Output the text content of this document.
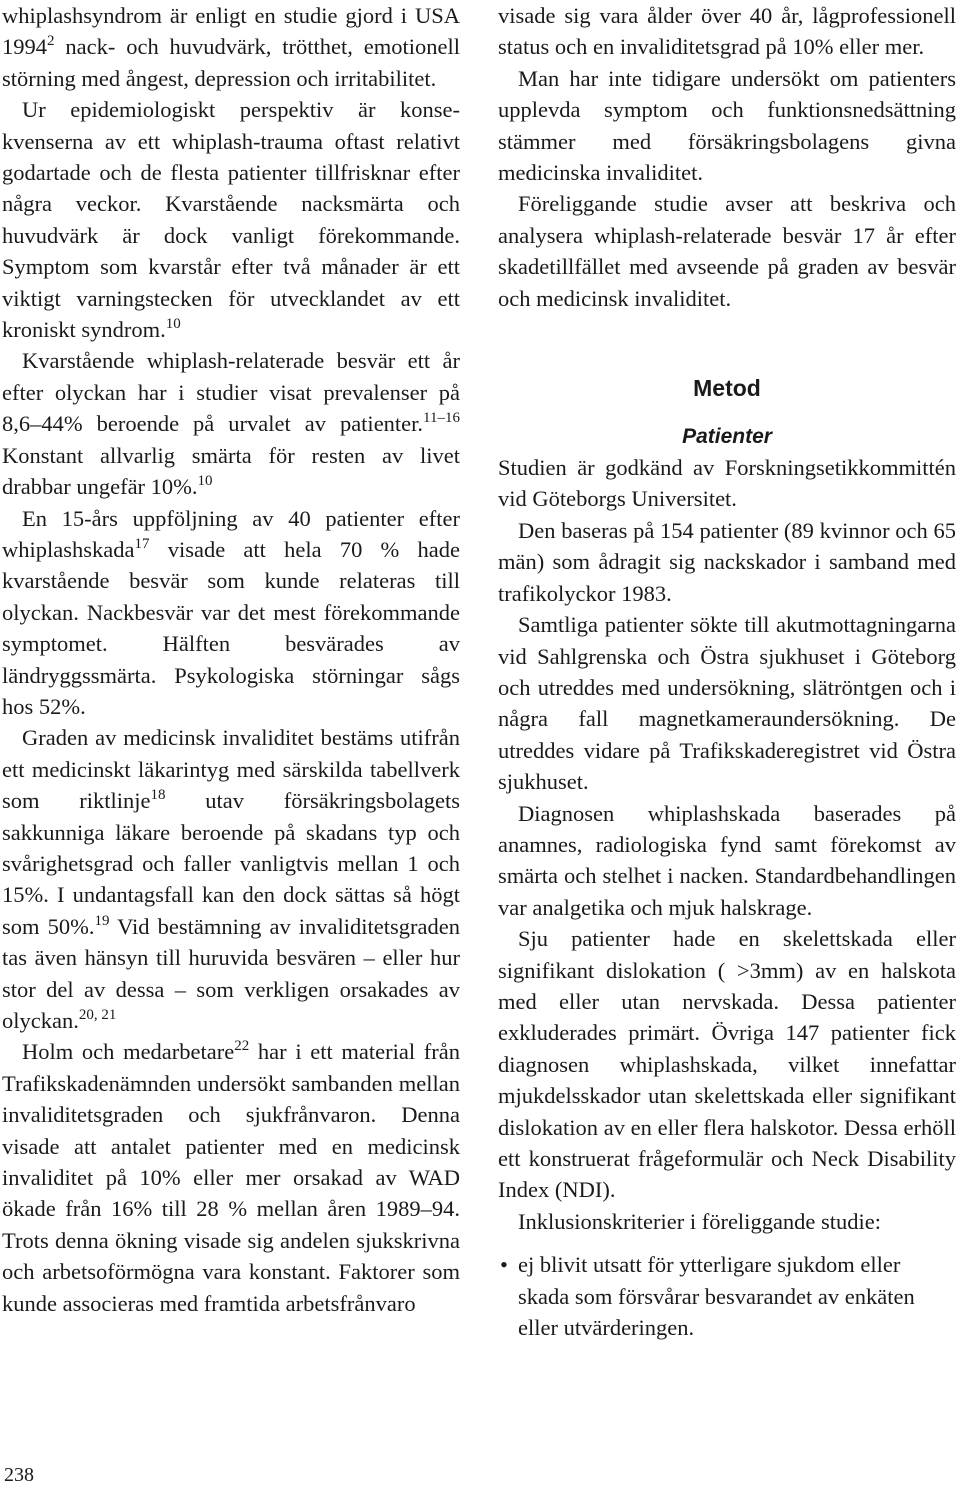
whiplashsyndrom är enligt en studie gjord i USA 1994$^2$ nack- och huvudvärk, trötthet, emotionell störning med ångest, depression och irritabilitet.

Ur epidemiologiskt perspektiv är konsekvenserna av ett whiplash-trauma oftast relativt godartade och de flesta patienter tillfrisknar efter några veckor. Kvarstående nacksmärta och huvudvärk är dock vanligt förekommande. Symptom som kvarstår efter två månader är ett viktigt varningstecken för utvecklandet av ett kroniskt syndrom.$^{10}$

Kvarstående whiplash-relaterade besvär ett år efter olyckan har i studier visat prevalenser på 8,6–44% beroende på urvalet av patienter.$^{11-16}$ Konstant allvarlig smärta för resten av livet drabbar ungefär 10%.$^{10}$

En 15-års uppföljning av 40 patienter efter whiplashskada$^{17}$ visade att hela 70 % hade kvarstående besvär som kunde relateras till olyckan. Nackbesvär var det mest förekommande symptomet. Hälften besvärades av ländryggssmärta. Psykologiska störningar sågs hos 52%.

Graden av medicinsk invaliditet bestäms utifrån ett medicinskt läkarintyg med särskilda tabellverk som riktlinje$^{18}$ utav försäkringsbolagets sakkunniga läkare beroende på skadans typ och svårighetsgrad och faller vanligtvis mellan 1 och 15%. I undantagsfall kan den dock sättas så högt som 50%.$^{19}$ Vid bestämning av invaliditetsgraden tas även hänsyn till huruvida besvären – eller hur stor del av dessa – som verkligen orsakades av olyckan.$^{20, 21}$

Holm och medarbetare$^{22}$ har i ett material från Trafikskadenämnden undersökt sambanden mellan invaliditetsgraden och sjukfrånvaron. Denna visade att antalet patienter med en medicinsk invaliditet på 10% eller mer orsakad av WAD ökade från 16% till 28 % mellan åren 1989–94. Trots denna ökning visade sig andelen sjukskrivna och arbetsoförmögna vara konstant. Faktorer som kunde associeras med framtida arbetsfrånvaro

visade sig vara ålder över 40 år, lågprofessionell status och en invaliditetsgrad på 10% eller mer.

Man har inte tidigare undersökt om patienters upplevda symptom och funktionsnedsättning stämmer med försäkringsbolagens givna medicinska invaliditet.

Föreliggande studie avser att beskriva och analysera whiplash-relaterade besvär 17 år efter skadetillfället med avseende på graden av besvär och medicinsk invaliditet.

Metod
Patienter

Studien är godkänd av Forskningsetikkommittén vid Göteborgs Universitet.

Den baseras på 154 patienter (89 kvinnor och 65 män) som ådragit sig nackskador i samband med trafikolyckor 1983.

Samtliga patienter sökte till akutmottagningarna vid Sahlgrenska och Östra sjukhuset i Göteborg och utreddes med undersökning, slätröntgen och i några fall magnetkameraundersökning. De utreddes vidare på Trafikskaderegistret vid Östra sjukhuset.

Diagnosen whiplashskada baserades på anamnes, radiologiska fynd samt förekomst av smärta och stelhet i nacken. Standardbehandlingen var analgetika och mjuk halskrage.

Sju patienter hade en skelettskada eller signifikant dislokation ( >3mm) av en halskota med eller utan nervskada. Dessa patienter exkluderades primärt. Övriga 147 patienter fick diagnosen whiplashskada, vilket innefattar mjukdelsskador utan skelettskada eller signifikant dislokation av en eller flera halskotor. Dessa erhöll ett konstruerat frågeformulär och Neck Disability Index (NDI).

Inklusionskriterier i föreliggande studie:

• ej blivit utsatt för ytterligare sjukdom eller skada som försvårar besvarandet av enkäten eller utvärderingen.
238
